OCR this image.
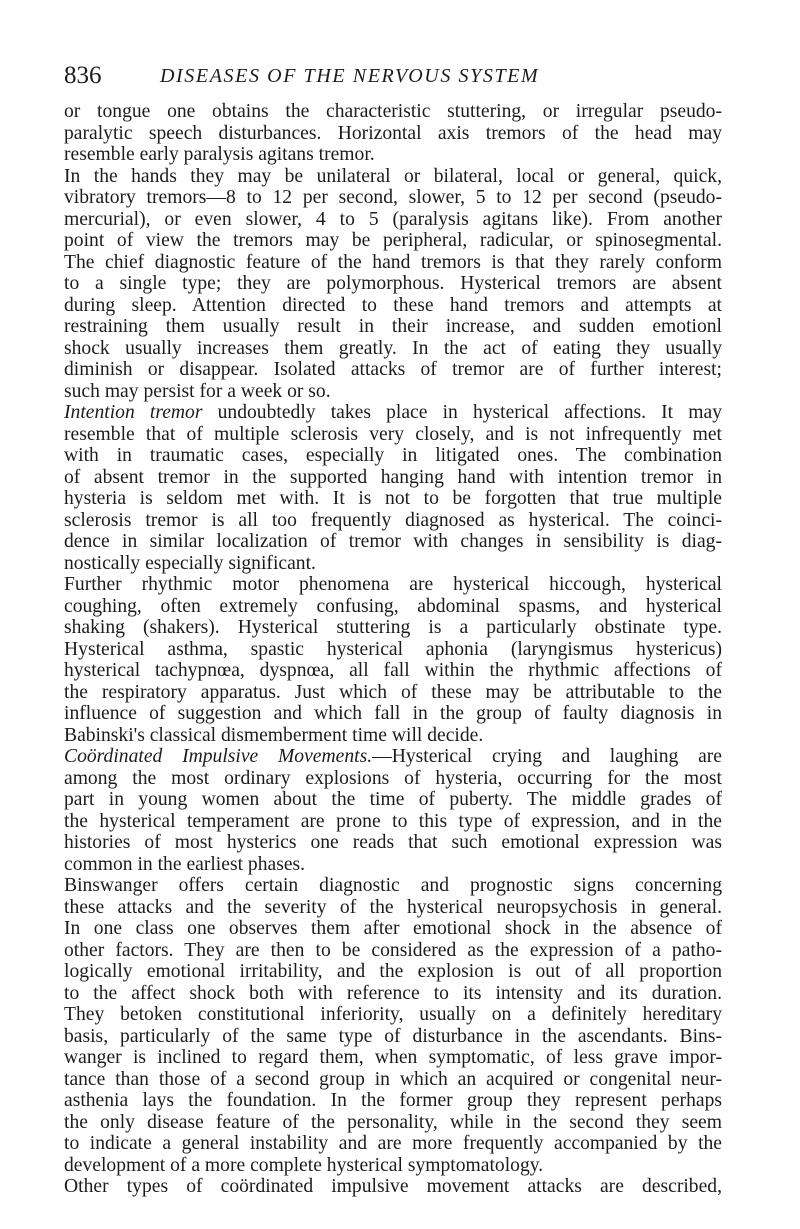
836	DISEASES OF THE NERVOUS SYSTEM

or tongue one obtains the characteristic stuttering, or irregular pseudo-

paralytic speech disturbances. Horizontal axis tremors of the head may

resemble early paralysis agitans tremor.

In the hands they may be unilateral or bilateral, local or general, quick,

vibratory tremors—8 to 12 per second, slower, 5 to 12 per second (pseudo-

mercurial), or even slower, 4 to 5 (paralysis agitans like). From another

point of view the tremors may be peripheral, radicular, or spinosegmental.

The chief diagnostic feature of the hand tremors is that they rarely conform

to a single type; they are polymorphous. Hysterical tremors are absent

during sleep. Attention directed to these hand tremors and attempts at

restraining them usually result in their increase, and sudden emotionl

shock usually increases them greatly. In the act of eating they usually

diminish or disappear. Isolated attacks of tremor are of further interest;

such may persist for a week or so.

Intention tremor undoubtedly takes place in hysterical affections. It may

resemble that of multiple sclerosis very closely, and is not infrequently met

with in traumatic cases, especially in litigated ones. The combination

of absent tremor in the supported hanging hand with intention tremor in

hysteria is seldom met with. It is not to be forgotten that true multiple

sclerosis tremor is all too frequently diagnosed as hysterical. The coinci-

dence in similar localization of tremor with changes in sensibility is diag-

nostically especially significant.

Further rhythmic motor phenomena are hysterical hiccough, hysterical

coughing, often extremely confusing, abdominal spasms, and hysterical

shaking (shakers). Hysterical stuttering is a particularly obstinate type.

Hysterical asthma, spastic hysterical aphonia (laryngismus hystericus)

hysterical tachypnœa, dyspnœa, all fall within the rhythmic affections of

the respiratory apparatus. Just which of these may be attributable to the

influence of suggestion and which fall in the group of faulty diagnosis in

Babinski's classical dismemberment time will decide.

Coördinated Impulsive Movements.—Hysterical crying and laughing are

among the most ordinary explosions of hysteria, occurring for the most

part in young women about the time of puberty. The middle grades of

the hysterical temperament are prone to this type of expression, and in the

histories of most hysterics one reads that such emotional expression was

common in the earliest phases.

Binswanger offers certain diagnostic and prognostic signs concerning

these attacks and the severity of the hysterical neuropsychosis in general.

In one class one observes them after emotional shock in the absence of

other factors. They are then to be considered as the expression of a patho-

logically emotional irritability, and the explosion is out of all proportion

to the affect shock both with reference to its intensity and its duration.

They betoken constitutional inferiority, usually on a definitely hereditary

basis, particularly of the same type of disturbance in the ascendants. Bins-

wanger is inclined to regard them, when symptomatic, of less grave impor-

tance than those of a second group in which an acquired or congenital neur-

asthenia lays the foundation. In the former group they represent perhaps

the only disease feature of the personality, while in the second they seem

to indicate a general instability and are more frequently accompanied by the

development of a more complete hysterical symptomatology.

Other types of coördinated impulsive movement attacks are described,
